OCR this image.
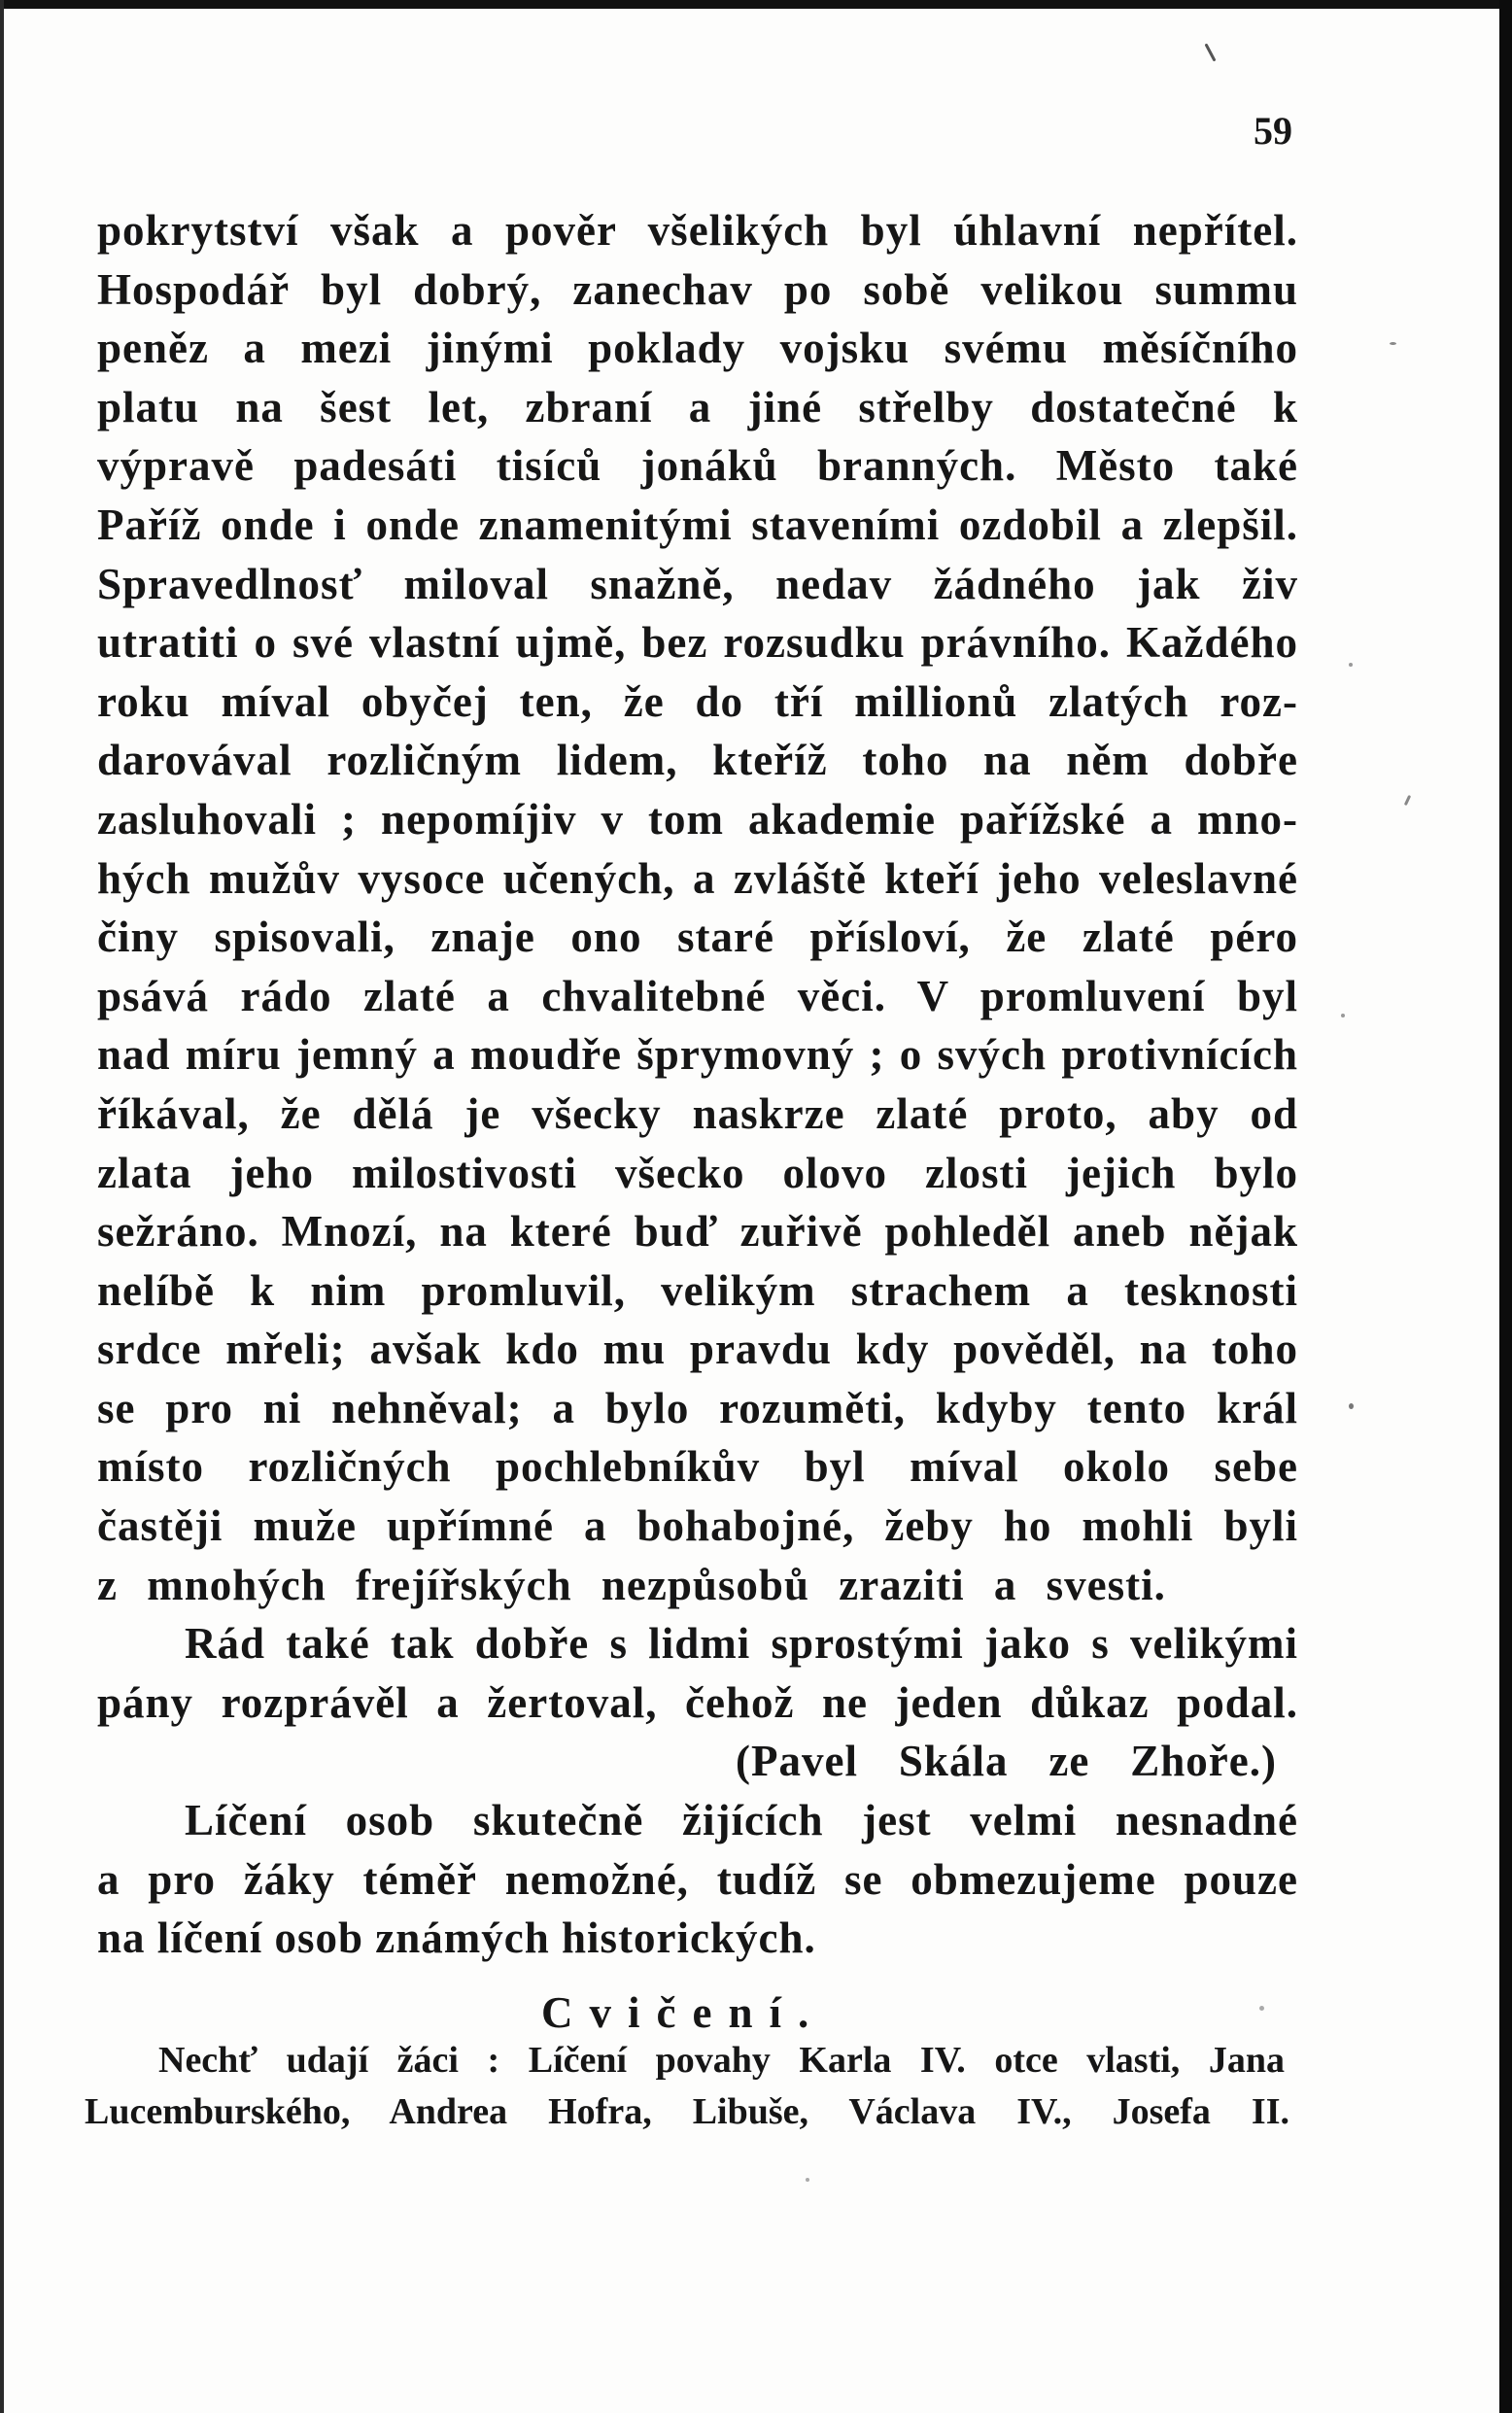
59
pokrytství však a pověr všelikých byl úhlavní nepřítel.
Hospodář byl dobrý, zanechav po sobě velikou summu
peněz a mezi jinými poklady vojsku svému měsíčního
platu na šest let, zbraní a jiné střelby dostatečné k
výpravě padesáti tisíců jonáků branných. Město také
Paříž onde i onde znamenitými staveními ozdobil a zlepšil.
Spravedlnosť miloval snažně, nedav žádného jak živ
utratiti o své vlastní ujmě, bez rozsudku právního. Každého
roku míval obyčej ten, že do tří millionů zlatých roz-
darovával rozličným lidem, kteříž toho na něm dobře
zasluhovali ; nepomíjiv v tom akademie pařížské a mno-
hých mužův vysoce učených, a zvláště kteří jeho veleslavné
činy spisovali, znaje ono staré přísloví, že zlaté péro
psává rádo zlaté a chvalitebné věci. V promluvení byl
nad míru jemný a moudře šprymovný ; o svých protivnících
říkával, že dělá je všecky naskrze zlaté proto, aby od
zlata jeho milostivosti všecko olovo zlosti jejich bylo
sežráno. Mnozí, na které buď zuřivě pohleděl aneb nějak
nelíbě k nim promluvil, velikým strachem a tesknosti
srdce mřeli; avšak kdo mu pravdu kdy pověděl, na toho
se pro ni nehněval; a bylo rozuměti, kdyby tento král
místo rozličných pochlebníkův byl míval okolo sebe
častěji muže upřímné a bohabojné, žeby ho mohli byli
z mnohých frejířských nezpůsobů zraziti a svesti.
Rád také tak dobře s lidmi sprostými jako s velikými
pány rozprávěl a žertoval, čehož ne jeden důkaz podal.
(Pavel Skála ze Zhoře.)
Líčení osob skutečně žijících jest velmi nesnadné
a pro žáky téměř nemožné, tudíž se obmezujeme pouze
na líčení osob známých historických.
Cvičení.
Nechť udají žáci : Líčení povahy Karla IV. otce vlasti, Jana
Lucemburského, Andrea Hofra, Libuše, Václava IV., Josefa II.
